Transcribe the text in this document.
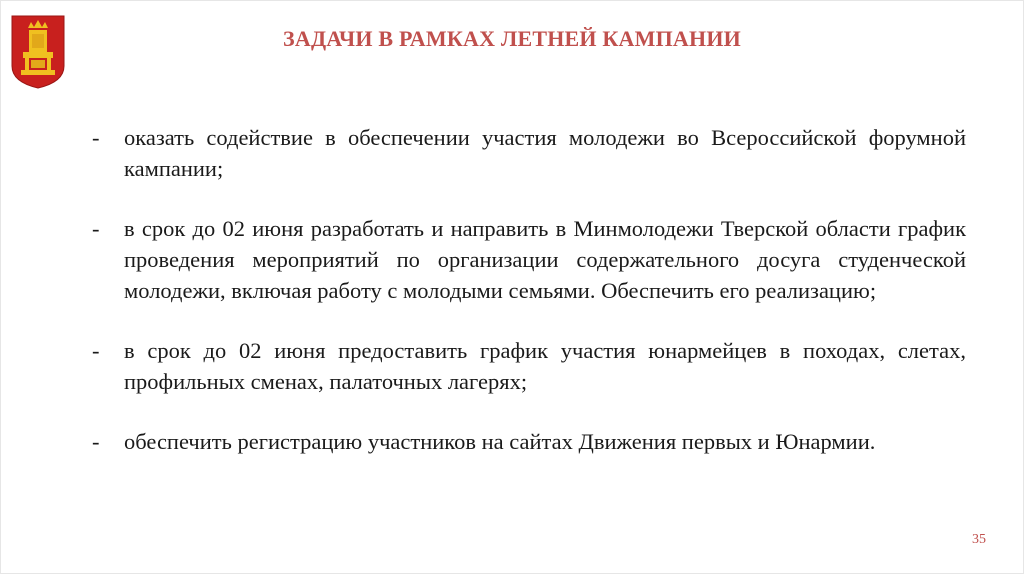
ЗАДАЧИ В РАМКАХ ЛЕТНЕЙ КАМПАНИИ
-	оказать содействие в обеспечении участия молодежи во Всероссийской форумной кампании;
-	в срок до 02 июня разработать и направить в Минмолодежи Тверской области график проведения мероприятий по организации содержательного досуга студенческой молодежи, включая работу с молодыми семьями. Обеспечить его реализацию;
-	в срок до 02 июня предоставить график участия юнармейцев в походах, слетах, профильных сменах, палаточных лагерях;
-	обеспечить регистрацию участников на сайтах Движения первых и Юнармии.
35
